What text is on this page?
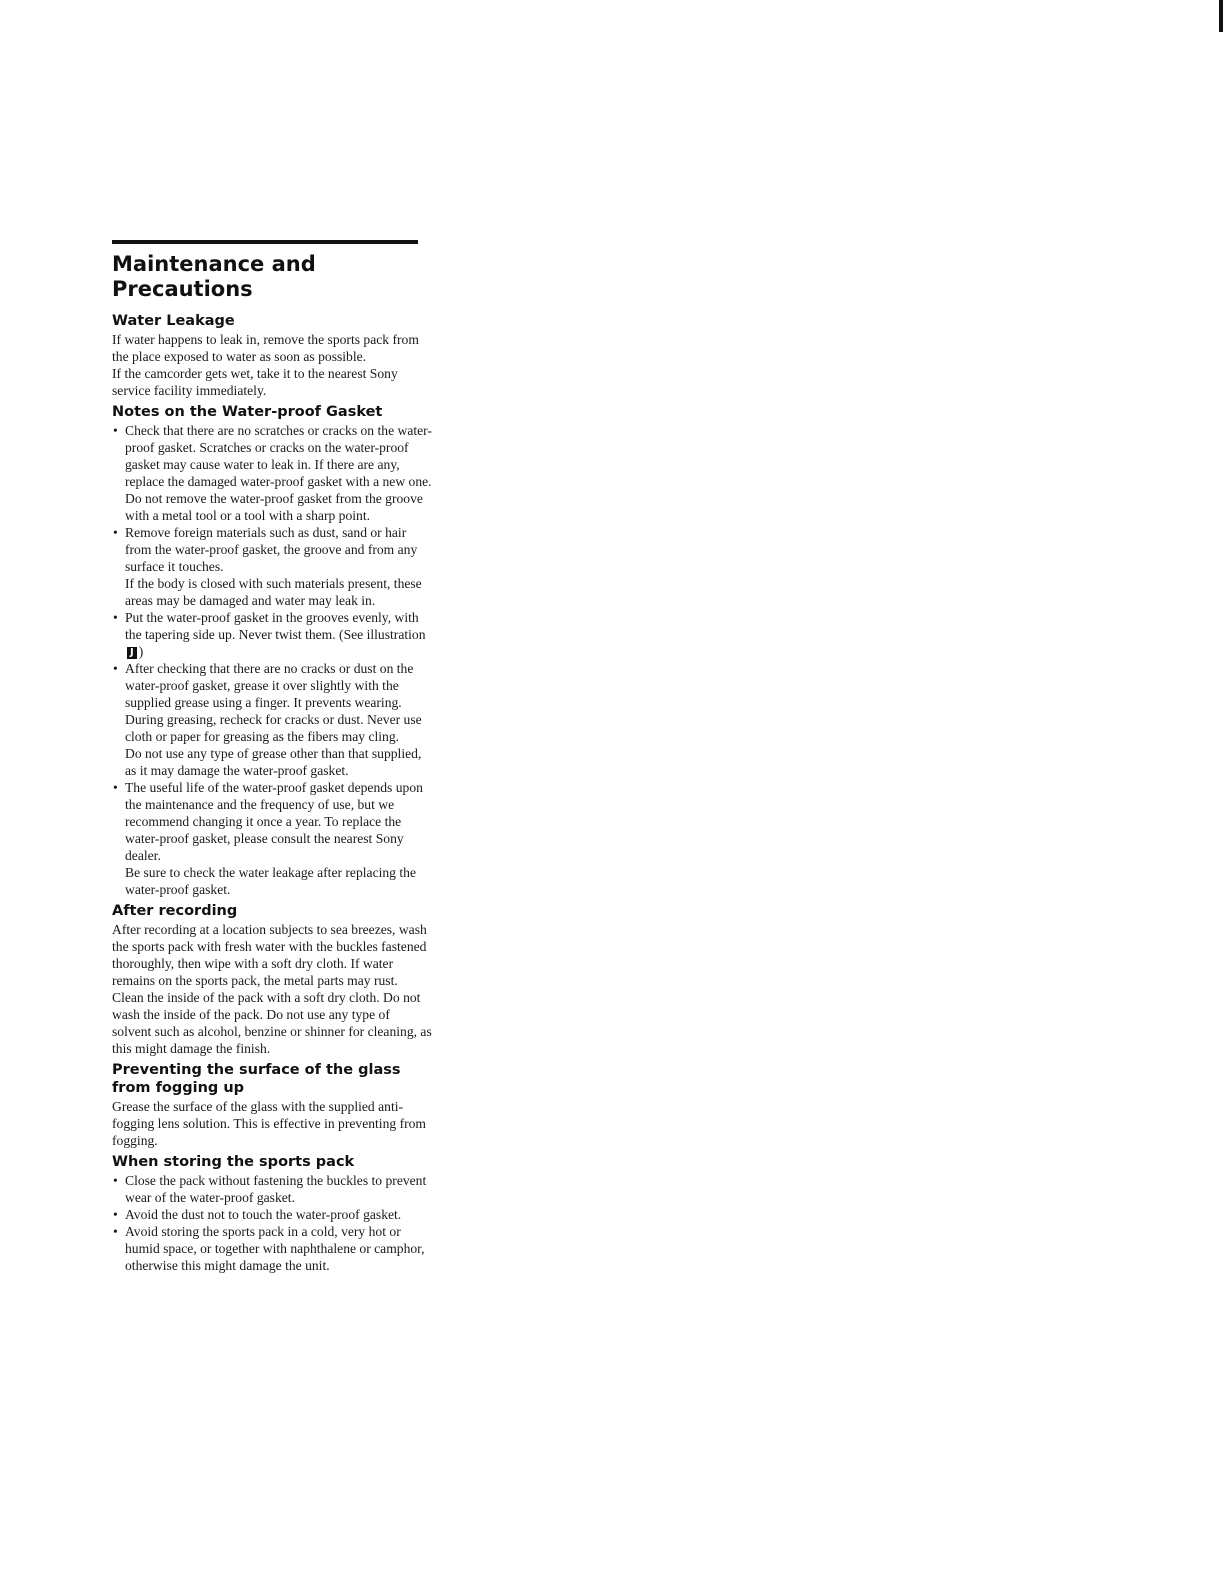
Maintenance and
Precautions
Water Leakage

If water happens to leak in, remove the sports pack from the place exposed to water as soon as possible.

If the camcorder gets wet, take it to the nearest Sony service facility immediately.

Notes on the Water-proof Gasket

• Check that there are no scratches or cracks on the water-proof gasket. Scratches or cracks on the water-proof gasket may cause water to leak in. If there are any, replace the damaged water-proof gasket with a new one.

Do not remove the water-proof gasket from the groove with a metal tool or a tool with a sharp point.

• Remove foreign materials such as dust, sand or hair from the water-proof gasket, the groove and from any surface it touches.

If the body is closed with such materials present, these areas may be damaged and water may leak in.

• Put the water-proof gasket in the grooves evenly, with the tapering side up. Never twist them. (See illustrationJ )

• After checking that there are no cracks or dust on the water-proof gasket, grease it over slightly with the supplied grease using a finger. It prevents wearing.

During greasing, recheck for cracks or dust. Never use cloth or paper for greasing as the fibers may cling.

Do not use any type of grease other than that supplied, as it may damage the water-proof gasket.

• The useful life of the water-proof gasket depends upon the maintenance and the frequency of use, but we recommend changing it once a year. To replace the water-proof gasket, please consult the nearest Sony dealer.

Be sure to check the water leakage after replacing the water-proof gasket.

After recording

After recording at a location subjects to sea breezes, wash the sports pack with fresh water with the buckles fastened thoroughly, then wipe with a soft dry cloth. If water remains on the sports pack, the metal parts may rust.

Clean the inside of the pack with a soft dry cloth. Do not wash the inside of the pack. Do not use any type of solvent such as alcohol, benzine or shinner for cleaning, as this might damage the finish.

Preventing the surface of the glass from fogging up

Grease the surface of the glass with the supplied anti-fogging lens solution. This is effective in preventing from fogging.

When storing the sports pack

• Close the pack without fastening the buckles to prevent wear of the water-proof gasket.

• Avoid the dust not to touch the water-proof gasket.

• Avoid storing the sports pack in a cold, very hot or humid space, or together with naphthalene or camphor, otherwise this might damage the unit.
